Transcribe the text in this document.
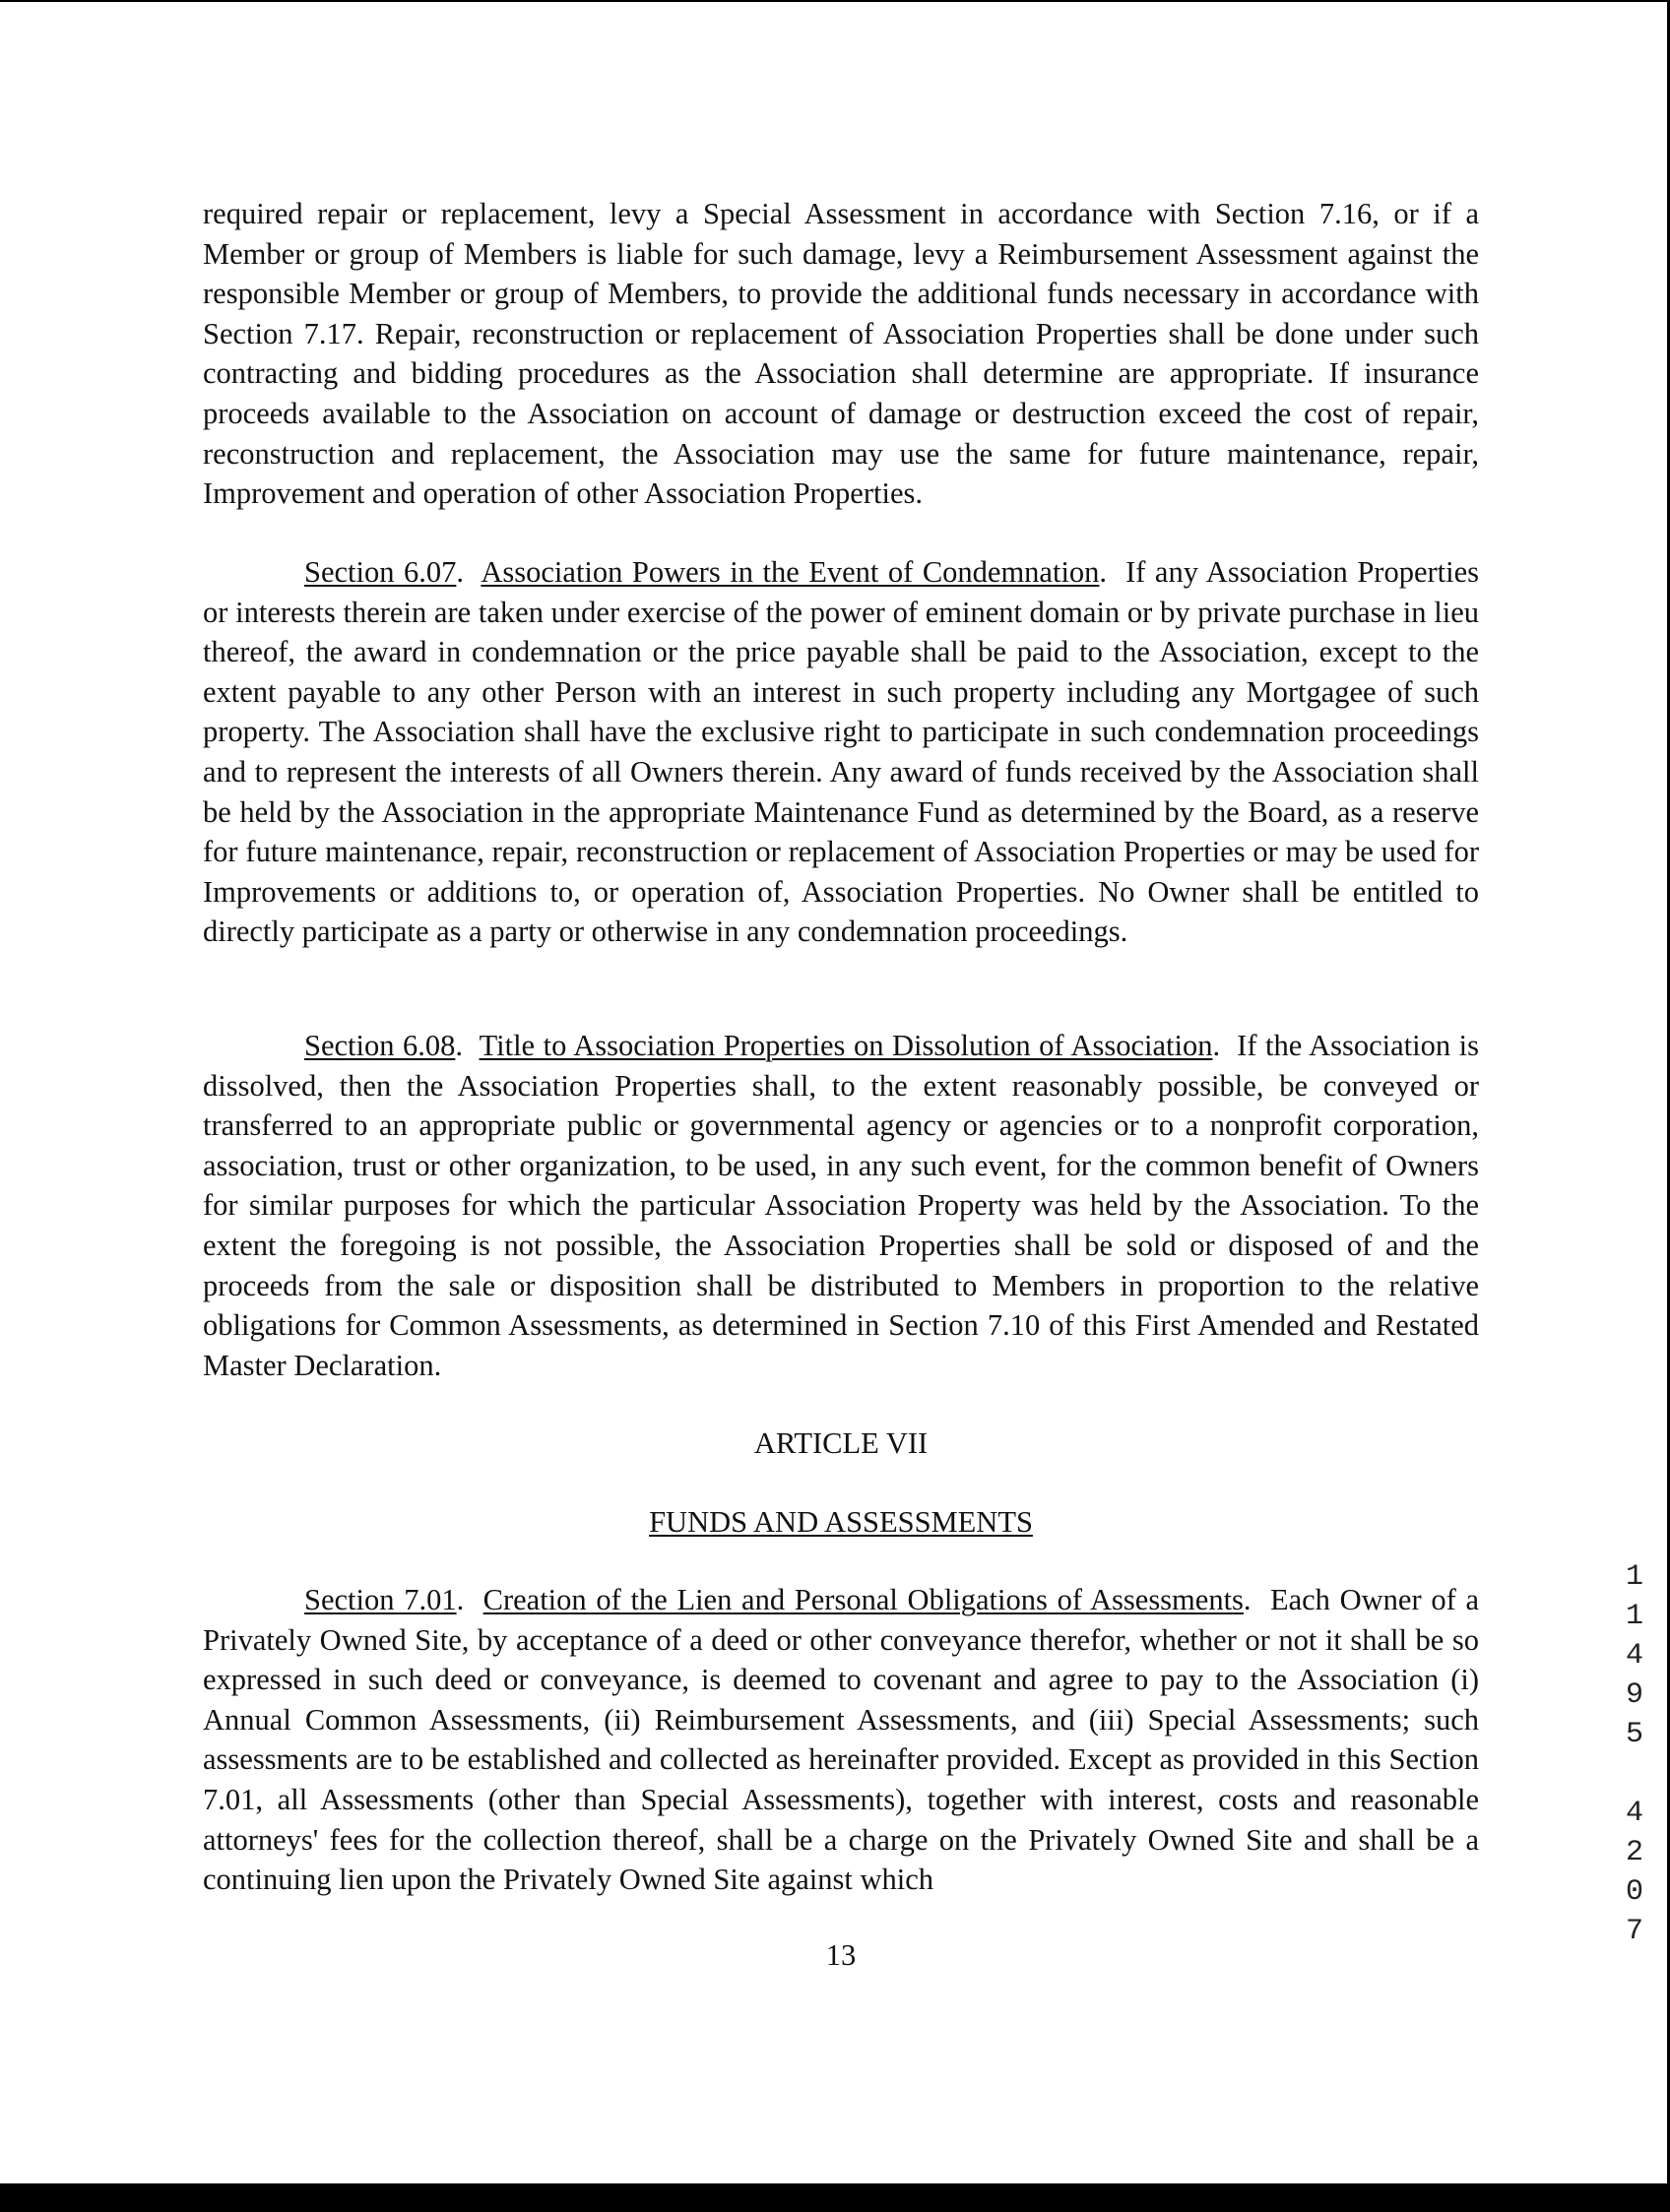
required repair or replacement, levy a Special Assessment in accordance with Section 7.16, or if a Member or group of Members is liable for such damage, levy a Reimbursement Assessment against the responsible Member or group of Members, to provide the additional funds necessary in accordance with Section 7.17. Repair, reconstruction or replacement of Association Properties shall be done under such contracting and bidding procedures as the Association shall determine are appropriate. If insurance proceeds available to the Association on account of damage or destruction exceed the cost of repair, reconstruction and replacement, the Association may use the same for future maintenance, repair, Improvement and operation of other Association Properties.

Section 6.07.  Association Powers in the Event of Condemnation.  If any Association Properties or interests therein are taken under exercise of the power of eminent domain or by private purchase in lieu thereof, the award in condemnation or the price payable shall be paid to the Association, except to the extent payable to any other Person with an interest in such property including any Mortgagee of such property. The Association shall have the exclusive right to participate in such condemnation proceedings and to represent the interests of all Owners therein. Any award of funds received by the Association shall be held by the Association in the appropriate Maintenance Fund as determined by the Board, as a reserve for future maintenance, repair, reconstruction or replacement of Association Properties or may be used for Improvements or additions to, or operation of, Association Properties. No Owner shall be entitled to directly participate as a party or otherwise in any condemnation proceedings.

Section 6.08.  Title to Association Properties on Dissolution of Association.  If the Association is dissolved, then the Association Properties shall, to the extent reasonably possible, be conveyed or transferred to an appropriate public or governmental agency or agencies or to a nonprofit corporation, association, trust or other organization, to be used, in any such event, for the common benefit of Owners for similar purposes for which the particular Association Property was held by the Association. To the extent the foregoing is not possible, the Association Properties shall be sold or disposed of and the proceeds from the sale or disposition shall be distributed to Members in proportion to the relative obligations for Common Assessments, as determined in Section 7.10 of this First Amended and Restated Master Declaration.

ARTICLE VII
FUNDS AND ASSESSMENTS

Section 7.01.  Creation of the Lien and Personal Obligations of Assessments.  Each Owner of a Privately Owned Site, by acceptance of a deed or other conveyance therefor, whether or not it shall be so expressed in such deed or conveyance, is deemed to covenant and agree to pay to the Association (i) Annual Common Assessments, (ii) Reimbursement Assessments, and (iii) Special Assessments; such assessments are to be established and collected as hereinafter provided. Except as provided in this Section 7.01, all Assessments (other than Special Assessments), together with interest, costs and reasonable attorneys' fees for the collection thereof, shall be a charge on the Privately Owned Site and shall be a continuing lien upon the Privately Owned Site against which

1
1
4
9
5
4
2
0
7
13
